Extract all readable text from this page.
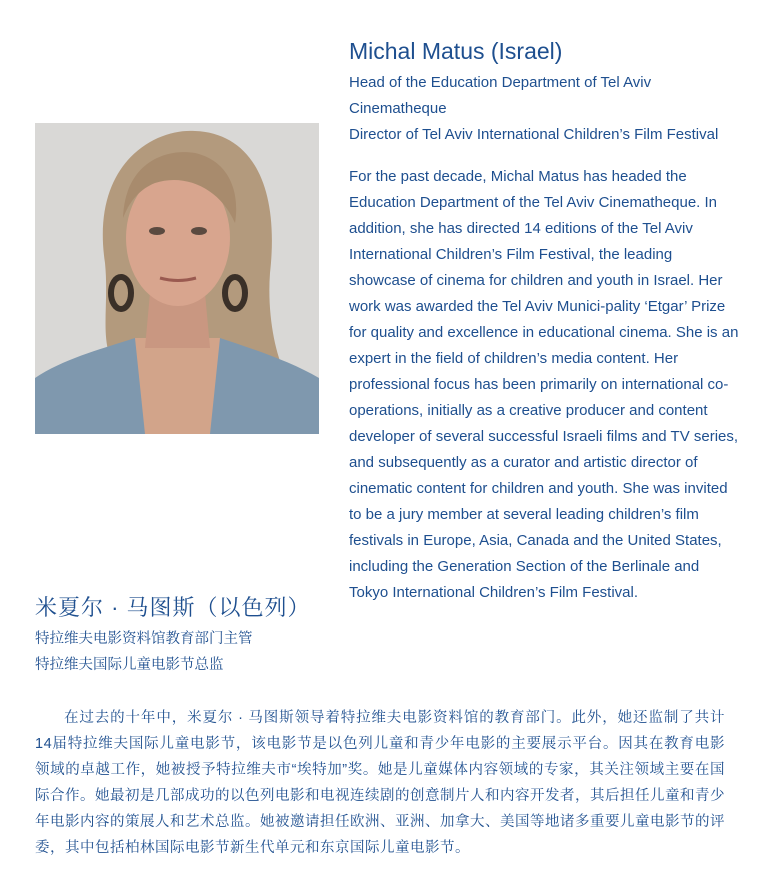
Michal Matus (Israel)

Head of the Education Department of Tel Aviv Cinematheque

Director of Tel Aviv International Children’s Film Festival

For the past decade, Michal Matus has headed the Education Department of the Tel Aviv Cinematheque. In addition, she has directed 14 editions of the Tel Aviv International Children’s Film Festival, the leading showcase of cinema for children and youth in Israel. Her work was awarded the Tel Aviv Munici-pality ‘Etgar’ Prize for quality and excellence in educational cinema. She is an expert in the field of children’s media content. Her professional focus has been primarily on international co-operations, initially as a creative producer and content developer of several successful Israeli films and TV series, and subsequently as a curator and artistic director of cinematic content for children and youth. She was invited to be a jury member at several leading children’s film festivals in Europe, Asia, Canada and the United States, including the Generation Section of the Berlinale and Tokyo International Children’s Film Festival.

米夏尔 · 马图斯（以色列）

特拉维夫电影资料馆教育部门主管

特拉维夫国际儿童电影节总监

在过去的十年中，米夏尔 · 马图斯领导着特拉维夫电影资料馆的教育部门。此外，她还监制了共计14届特拉维夫国际儿童电影节，该电影节是以色列儿童和青少年电影的主要展示平台。因其在教育电影领域的卓越工作，她被授予特拉维夫市“埃特加”奖。她是儿童媒体内容领域的专家，其关注领域主要在国际合作。她最初是几部成功的以色列电影和电视连续剧的创意制片人和内容开发者，其后担任儿童和青少年电影内容的策展人和艺术总监。她被邀请担任欧洲、亚洲、加拿大、美国等地诸多重要儿童电影节的评委，其中包括柏林国际电影节新生代单元和东京国际儿童电影节。
